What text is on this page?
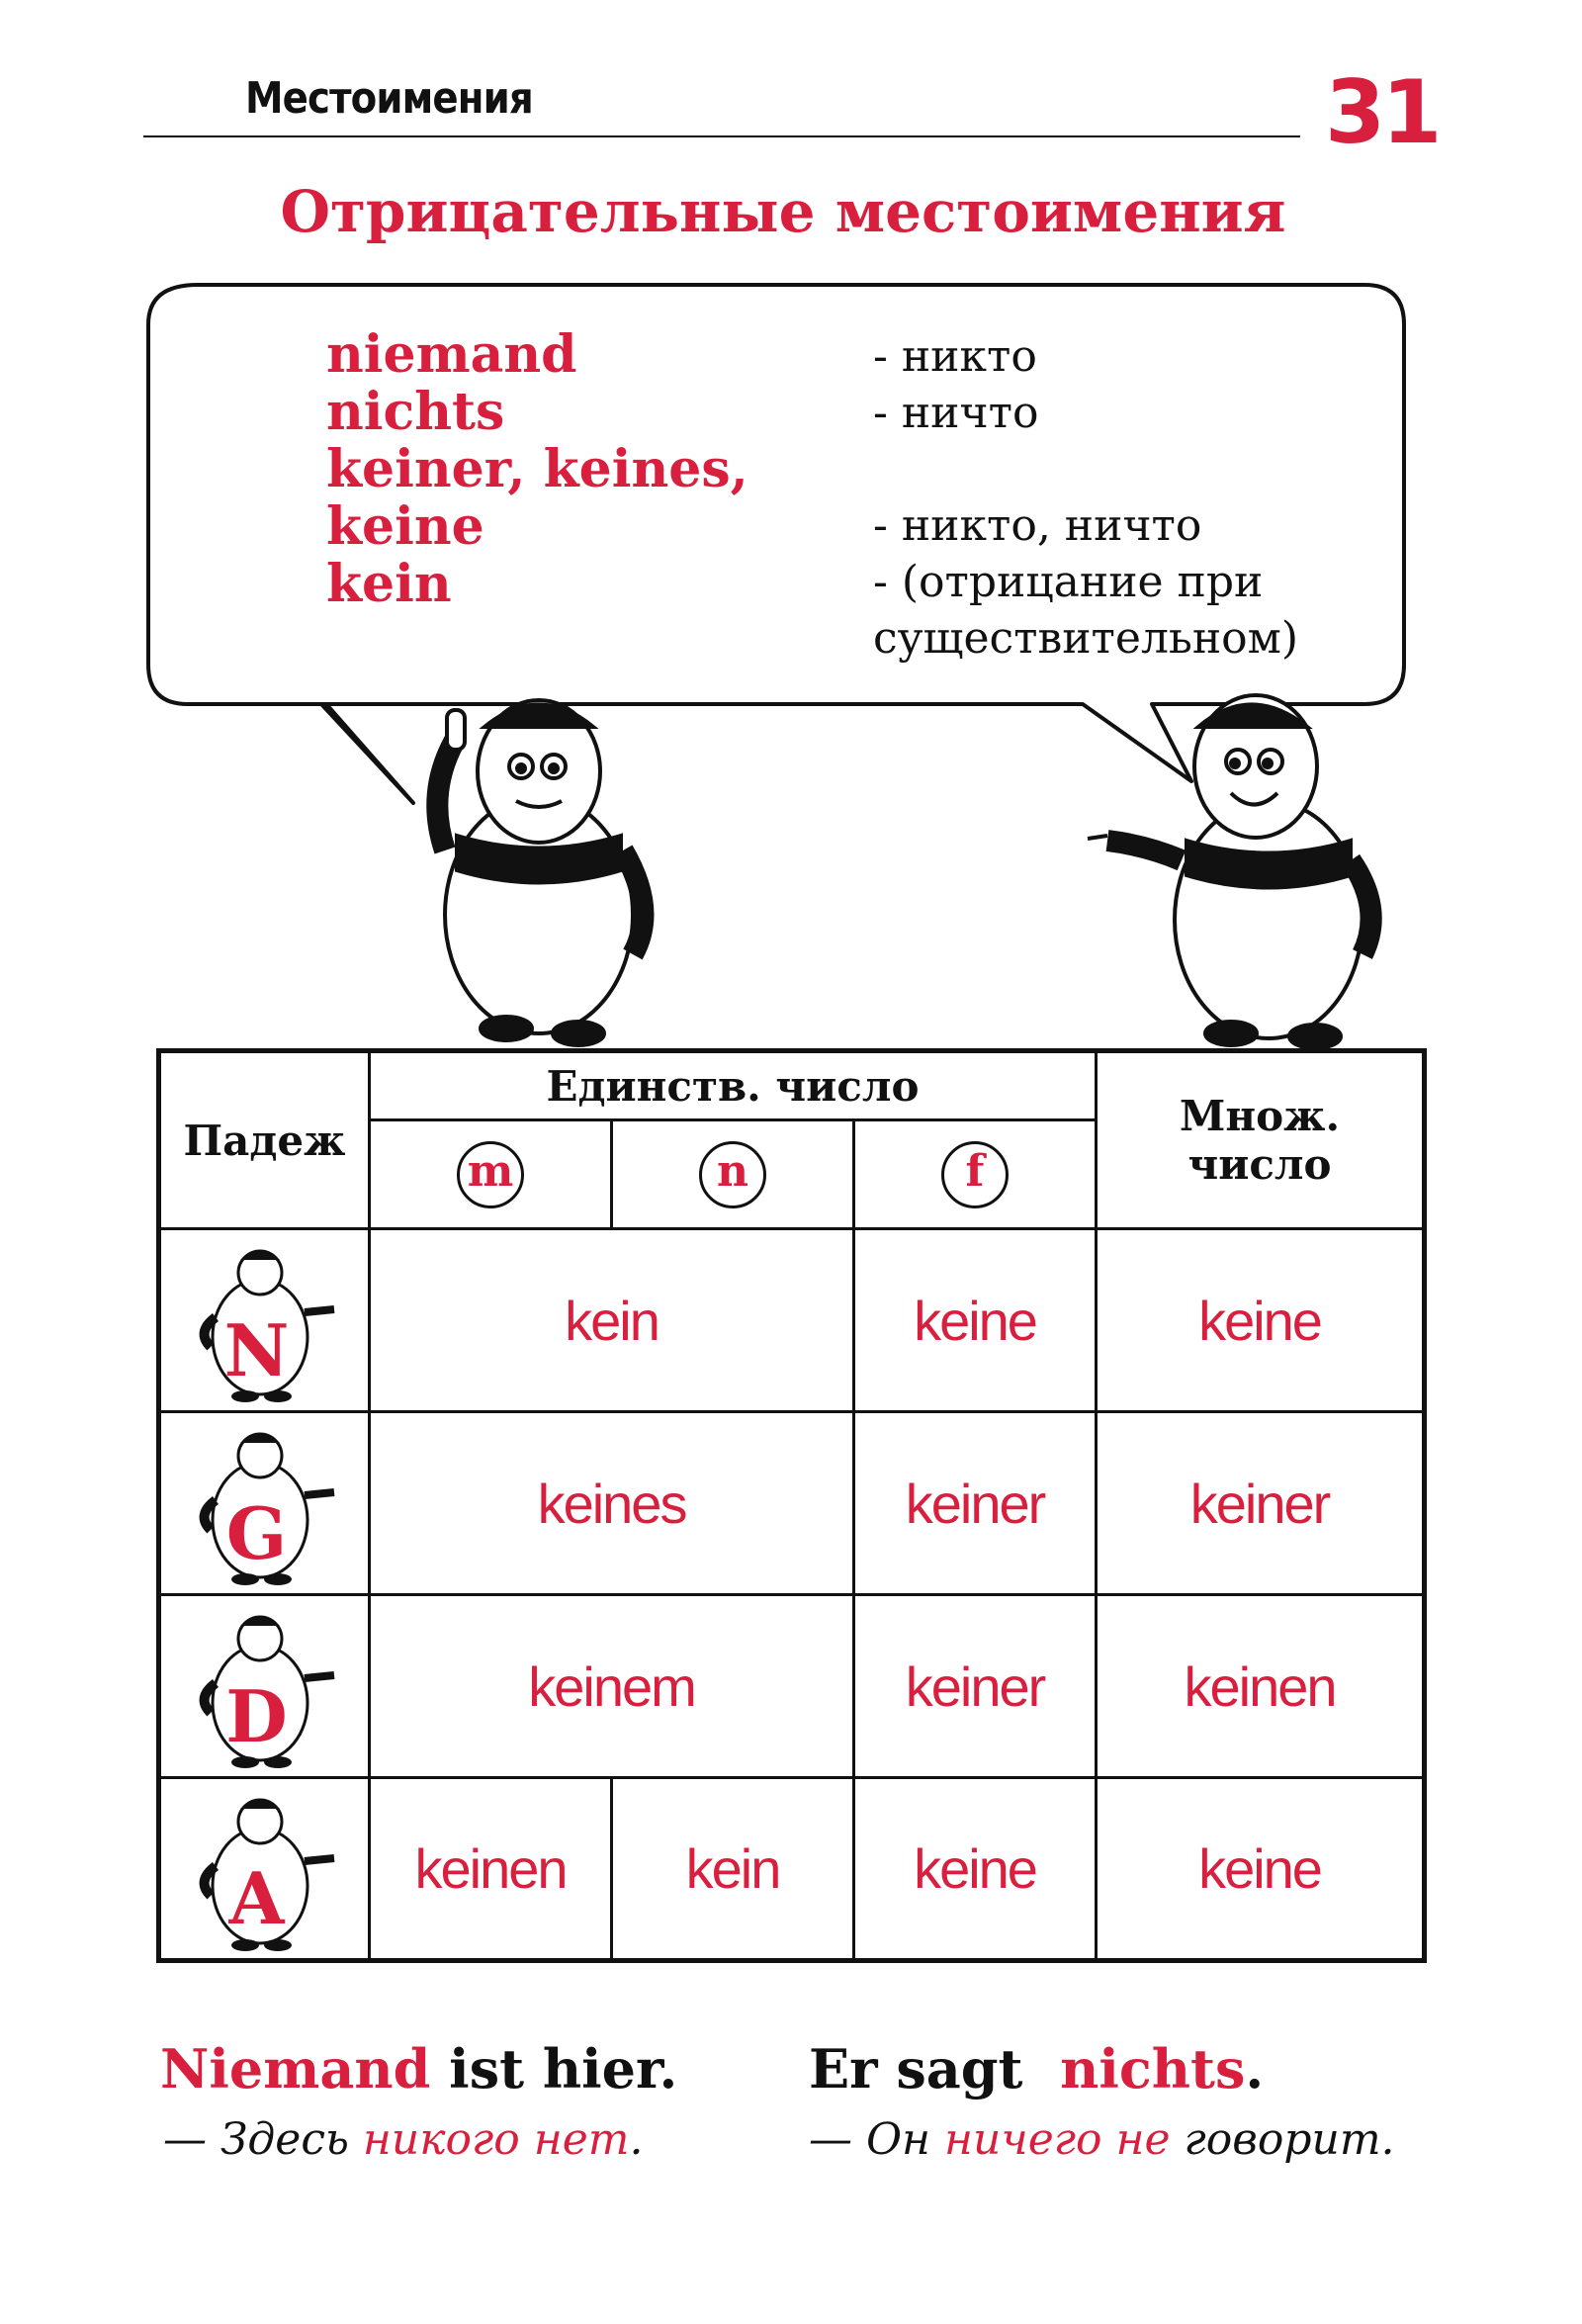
Местоимения	31
Отрицательные местоимения
niemand
nichts
keiner, keines,
keine
kein
- никто
- ничто
- никто, ничто
- (отрицание при
существительном)
Падеж	Единств. число			Множ.
число

	m	n	f	

N	kein		keine	keine

G	keines		keiner	keiner

D	keinem		keiner	keinen

A	keinen	kein	keine	keine
Niemand ist hier.
— Здесь никого нет.
Er sagt  nichts.
— Он ничего не говорит.
